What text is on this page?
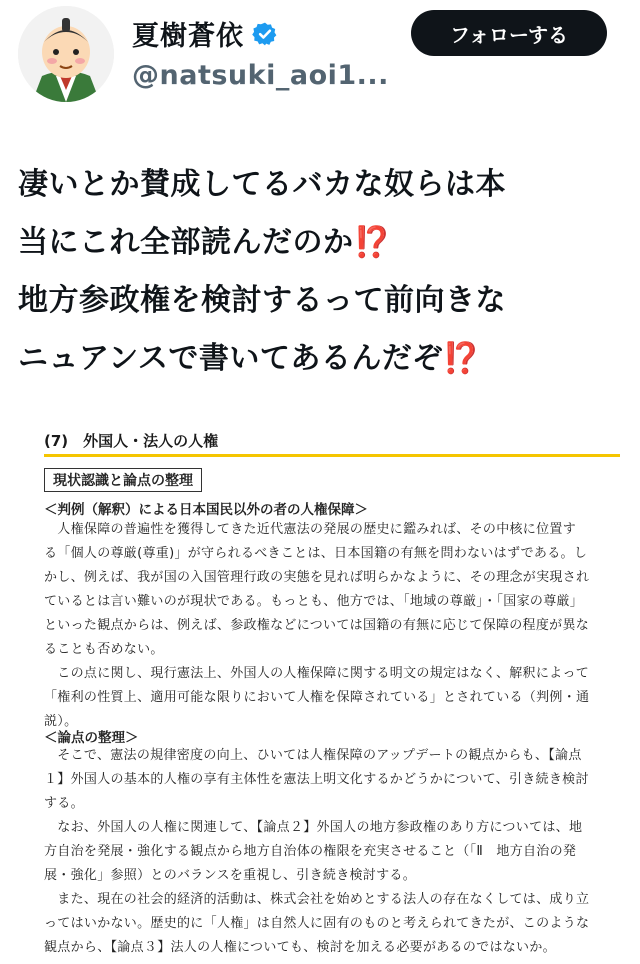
夏樹蒼依
@natsuki_aoi1...
フォローする

凄いとか賛成してるバカな奴らは本

当にこれ全部読んだのか⁉️

地方参政権を検討するって前向きな

ニュアンスで書いてあるんだぞ⁉️

(7)　外国人・法人の人権
現状認識と論点の整理
＜判例（解釈）による日本国民以外の者の人権保障＞
　人権保障の普遍性を獲得してきた近代憲法の発展の歴史に鑑みれば、その中核に位置す
る「個人の尊厳(尊重)」が守られるべきことは、日本国籍の有無を問わないはずである。し
かし、例えば、我が国の入国管理行政の実態を見れば明らかなように、その理念が実現され
ているとは言い難いのが現状である。もっとも、他方では、「地域の尊厳」・「国家の尊厳」
といった観点からは、例えば、参政権などについては国籍の有無に応じて保障の程度が異な
ることも否めない。
　この点に関し、現行憲法上、外国人の人権保障に関する明文の規定はなく、解釈によって
「権利の性質上、適用可能な限りにおいて人権を保障されている」とされている（判例・通
説）。
＜論点の整理＞
　そこで、憲法の規律密度の向上、ひいては人権保障のアップデートの観点からも、【論点
１】外国人の基本的人権の享有主体性を憲法上明文化するかどうかについて、引き続き検討
する。
　なお、外国人の人権に関連して、【論点２】外国人の地方参政権のあり方については、地
方自治を発展・強化する観点から地方自治体の権限を充実させること（「Ⅱ　地方自治の発
展・強化」参照）とのバランスを重視し、引き続き検討する。
　また、現在の社会的経済的活動は、株式会社を始めとする法人の存在なくしては、成り立
ってはいかない。歴史的に「人権」は自然人に固有のものと考えられてきたが、このような
観点から、【論点３】法人の人権についても、検討を加える必要があるのではないか。
